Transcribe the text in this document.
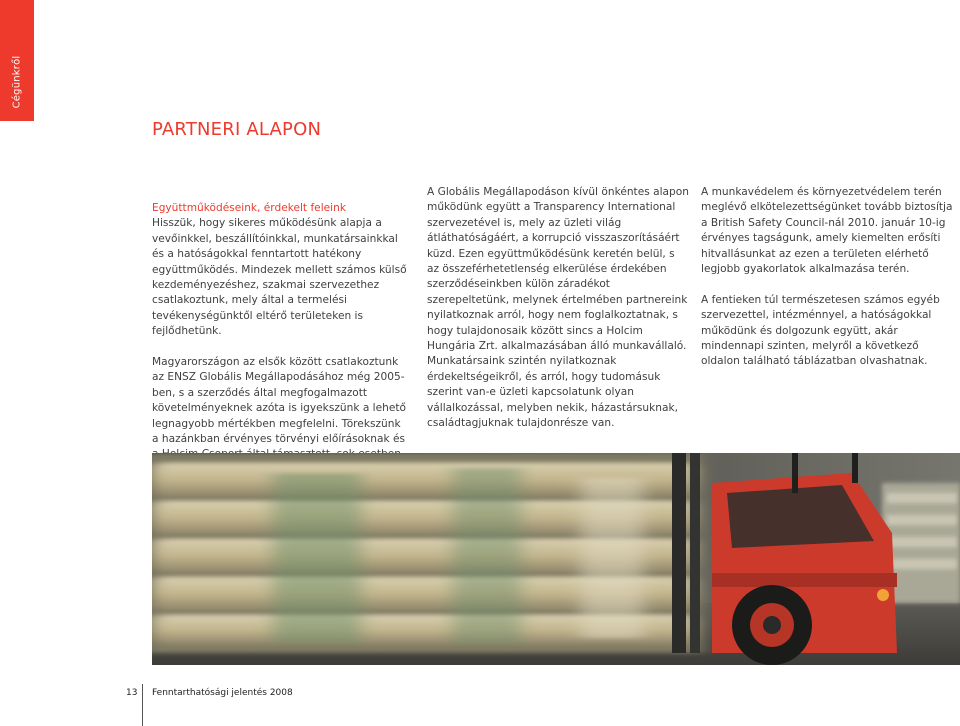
Cégünkről
PARTNERI ALAPON

Együttműködéseink, érdekelt feleink
Hisszük, hogy sikeres működésünk alapja a vevőinkkel, beszállítóinkkal, munkatársainkkal és a hatóságokkal fenntartott hatékony együttműködés. Mindezek mellett számos külső kezdeményezéshez, szakmai szervezethez csatlakoztunk, mely által a termelési tevékenységünktől eltérő területeken is fejlődhetünk.

Magyarországon az elsők között csatlakoztunk az ENSZ Globális Megállapodásához még 2005-ben, s a szerződés által megfogalmazott követelményeknek azóta is igyekszünk a lehető legnagyobb mértékben megfelelni. Törekszünk a hazánkban érvényes törvényi előírásoknak és

A Globális Megállapodáson kívül önkéntes alapon működünk együtt a Transparency International szervezetével is, mely az üzleti világ átláthatóságáért, a korrupció visszaszorításáért küzd. Ezen együttműködésünk keretén belül, s az összeférhetetlenség elkerülése érdekében szerződéseinkben külön záradékot szerepeltetünk, melynek értelmében partnereink nyilatkoznak arról, hogy nem foglalkoztatnak, s hogy tulajdonosaik között sincs a Holcim Hungária Zrt. alkalmazásában álló munkavállaló. Munkatársaink szintén nyilatkoznak érdekeltségeikről, és arról, hogy tudomásuk szerint van-e üzleti kapcsolatunk olyan vállalkozással, melyben nekik, házastársuknak, családtagjuknak tulajdonrésze van.

A munkavédelem és környezetvédelem terén meglévő elkötelezettségünket tovább biztosítja a British Safety Council-nál 2010. január 10-ig érvényes tagságunk, amely kiemelten erősíti hitvallásunkat az ezen a területen elérhető legjobb gyakorlatok alkalmazása terén.

A fentieken túl természetesen számos egyéb szervezettel, intézménnyel, a hatóságokkal működünk és dolgozunk együtt, akár mindennapi szinten, melyről a következő oldalon található táblázatban olvashatnak.

13 Fenntarthatósági jelentés 2008
